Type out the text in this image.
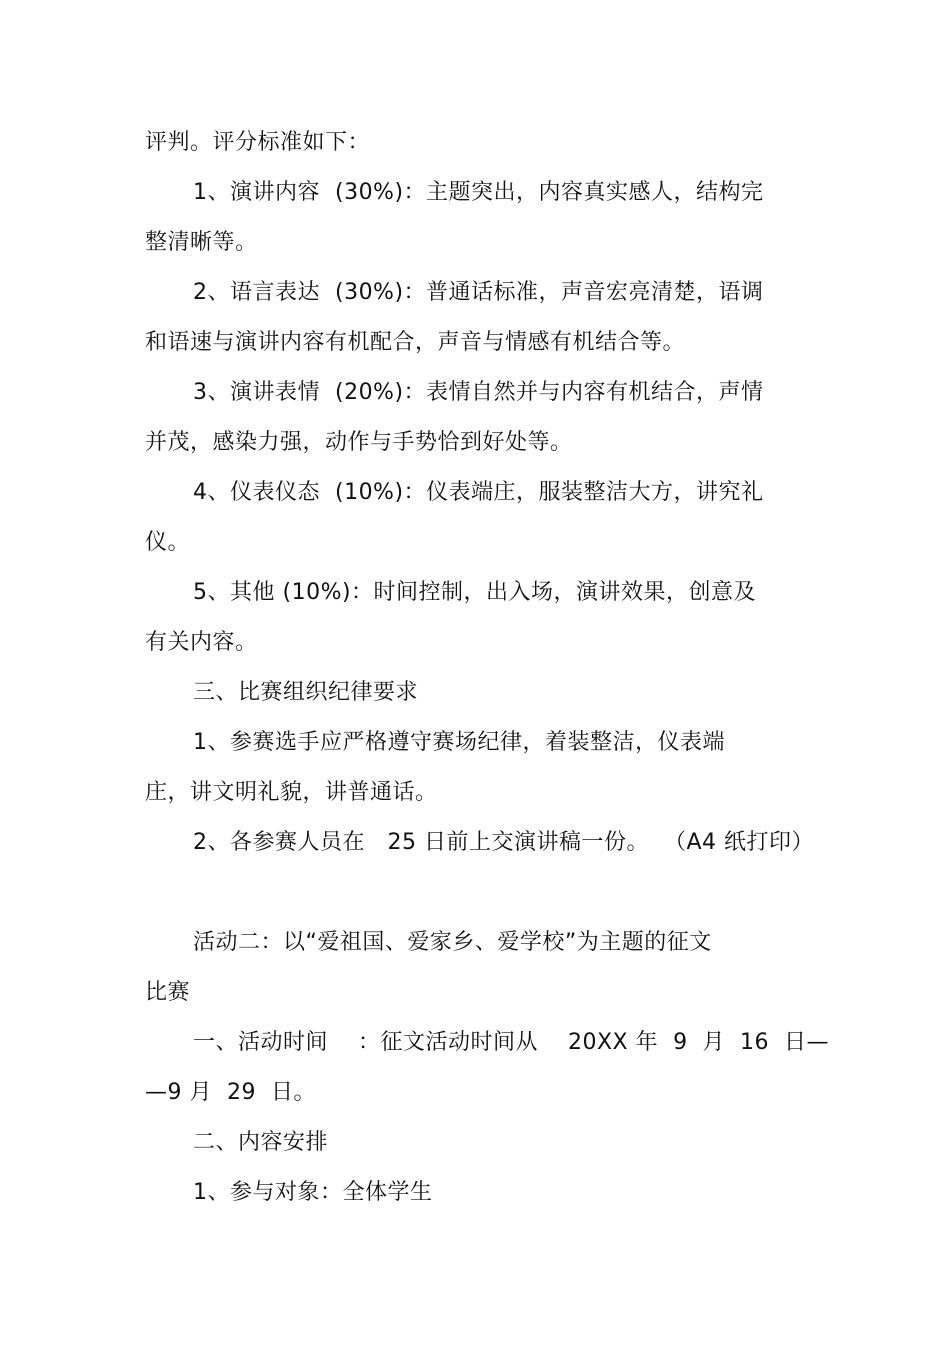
评判。评分标准如下：
1、演讲内容  (30%)：主题突出，内容真实感人，结构完
整清晰等。
2、语言表达  (30%)：普通话标准，声音宏亮清楚，语调
和语速与演讲内容有机配合，声音与情感有机结合等。
3、演讲表情  (20%)：表情自然并与内容有机结合，声情
并茂，感染力强，动作与手势恰到好处等。
4、仪表仪态  (10%)：仪表端庄，服装整洁大方，讲究礼
仪。
5、其他 (10%)：时间控制，出入场，演讲效果，创意及
有关内容。
三、比赛组织纪律要求
1、参赛选手应严格遵守赛场纪律，着装整洁，仪表端
庄，讲文明礼貌，讲普通话。
2、各参赛人员在   25 日前上交演讲稿一份。  （A4 纸打印）
活动二：以“爱祖国、爱家乡、爱学校”为主题的征文
比赛
一、活动时间    ：征文活动时间从    20XX 年  9  月  16  日—
—9 月  29  日。
二、内容安排
1、参与对象：全体学生
